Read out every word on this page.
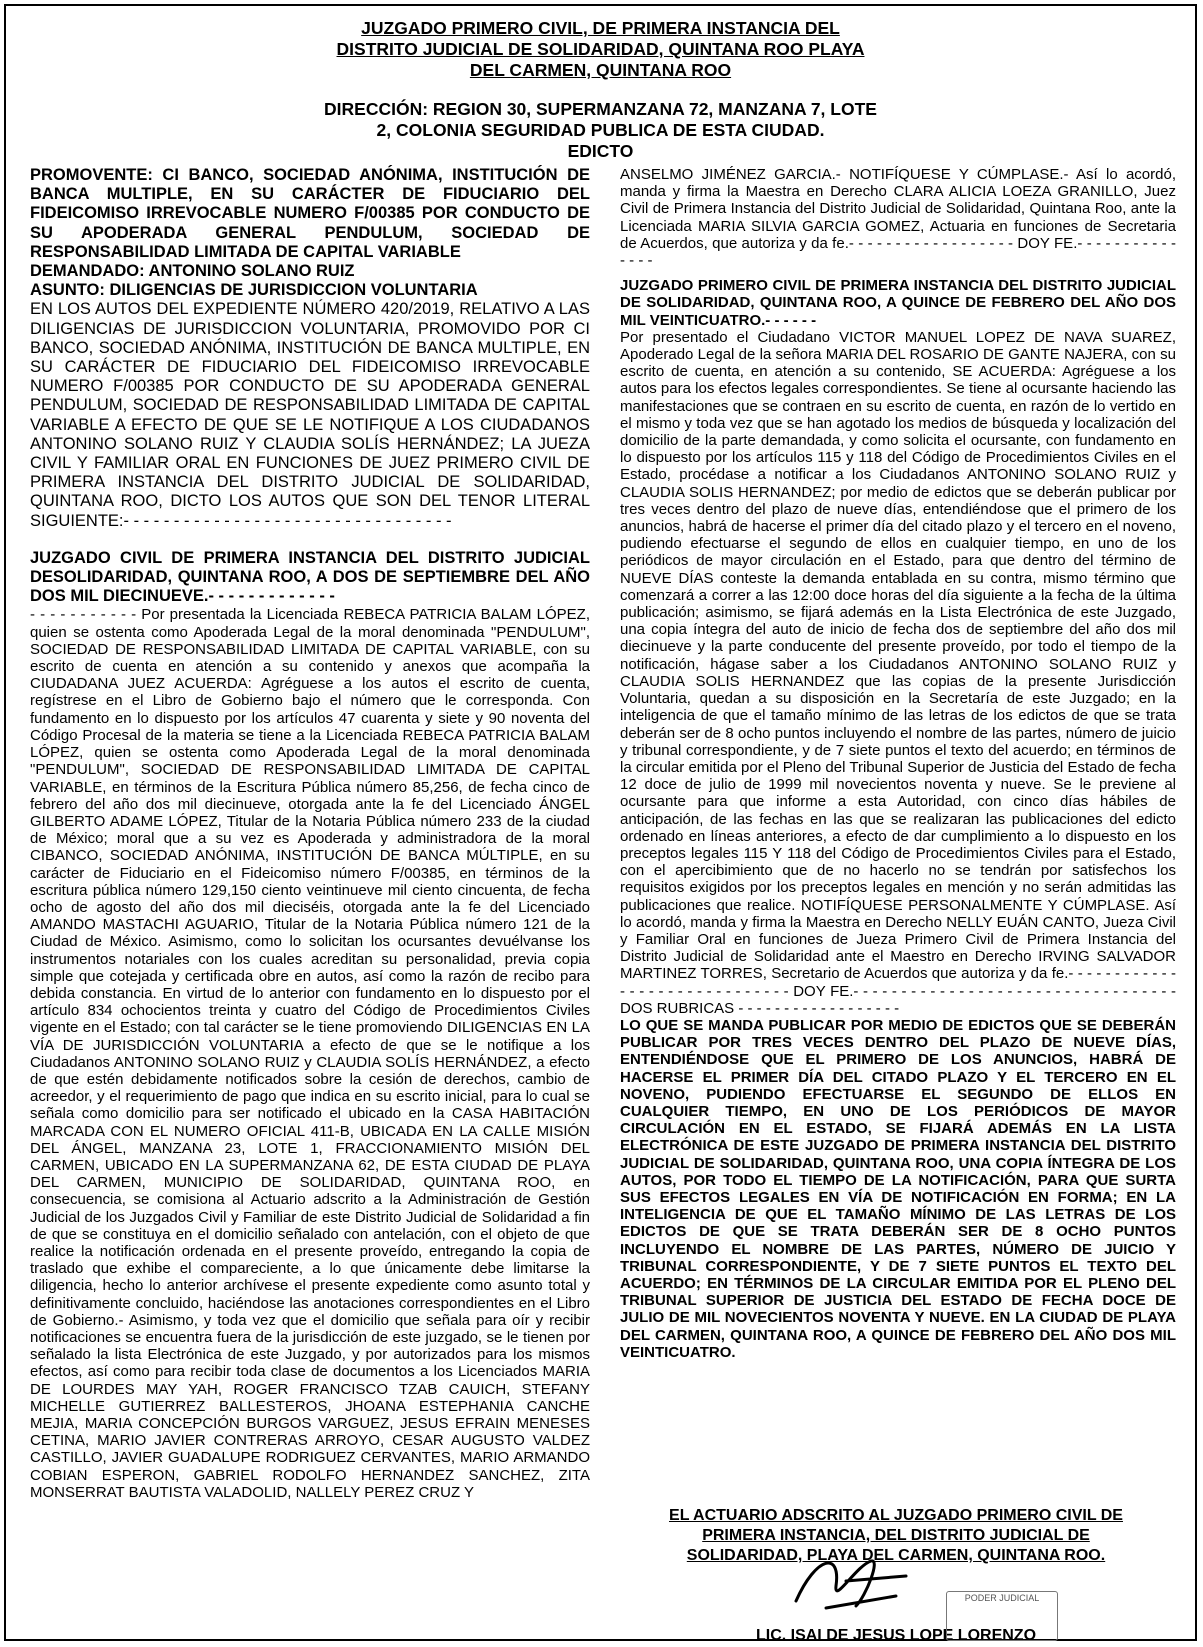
JUZGADO PRIMERO CIVIL, DE PRIMERA INSTANCIA DEL
DISTRITO JUDICIAL DE SOLIDARIDAD, QUINTANA ROO PLAYA
DEL CARMEN, QUINTANA ROO
DIRECCIÓN: REGION 30, SUPERMANZANA 72, MANZANA 7, LOTE
2, COLONIA SEGURIDAD PUBLICA DE ESTA CIUDAD.
EDICTO

PROMOVENTE: CI BANCO, SOCIEDAD ANÓNIMA, INSTITUCIÓN DE BANCA MULTIPLE, EN SU CARÁCTER DE FIDUCIARIO DEL FIDEICOMISO IRREVOCABLE NUMERO F/00385 POR CONDUCTO DE SU APODERADA GENERAL PENDULUM, SOCIEDAD DE RESPONSABILIDAD LIMITADA DE CAPITAL VARIABLE

DEMANDADO: ANTONINO SOLANO RUIZ

ASUNTO: DILIGENCIAS DE JURISDICCION VOLUNTARIA

EN LOS AUTOS DEL EXPEDIENTE NÚMERO 420/2019, RELATIVO A LAS DILIGENCIAS DE JURISDICCION VOLUNTARIA, PROMOVIDO POR CI BANCO, SOCIEDAD ANÓNIMA, INSTITUCIÓN DE BANCA MULTIPLE, EN SU CARÁCTER DE FIDUCIARIO DEL FIDEICOMISO IRREVOCABLE NUMERO F/00385 POR CONDUCTO DE SU APODERADA GENERAL PENDULUM, SOCIEDAD DE RESPONSABILIDAD LIMITADA DE CAPITAL VARIABLE A EFECTO DE QUE SE LE NOTIFIQUE A LOS CIUDADANOS ANTONINO SOLANO RUIZ Y CLAUDIA SOLÍS HERNÁNDEZ; LA JUEZA CIVIL Y FAMILIAR ORAL EN FUNCIONES DE JUEZ PRIMERO CIVIL DE PRIMERA INSTANCIA DEL DISTRITO JUDICIAL DE SOLIDARIDAD, QUINTANA ROO, DICTO LOS AUTOS QUE SON DEL TENOR LITERAL SIGUIENTE:- - - - - - - - - - - - - - - - - - - - - - - - - - - - - - - - -

JUZGADO CIVIL DE PRIMERA INSTANCIA DEL DISTRITO JUDICIAL DESOLIDARIDAD, QUINTANA ROO, A DOS DE SEPTIEMBRE DEL AÑO DOS MIL DIECINUEVE.- - - - - - - - - - - - -

- - - - - - - - - - - Por presentada la Licenciada REBECA PATRICIA BALAM LÓPEZ, quien se ostenta como Apoderada Legal de la moral denominada "PENDULUM", SOCIEDAD DE RESPONSABILIDAD LIMITADA DE CAPITAL VARIABLE, con su escrito de cuenta en atención a su contenido y anexos que acompaña la CIUDADANA JUEZ ACUERDA: Agréguese a los autos el escrito de cuenta, regístrese en el Libro de Gobierno bajo el número que le corresponda. Con fundamento en lo dispuesto por los artículos 47 cuarenta y siete y 90 noventa del Código Procesal de la materia se tiene a la Licenciada REBECA PATRICIA BALAM LÓPEZ, quien se ostenta como Apoderada Legal de la moral denominada "PENDULUM", SOCIEDAD DE RESPONSABILIDAD LIMITADA DE CAPITAL VARIABLE, en términos de la Escritura Pública número 85,256, de fecha cinco de febrero del año dos mil diecinueve, otorgada ante la fe del Licenciado ÁNGEL GILBERTO ADAME LÓPEZ, Titular de la Notaria Pública número 233 de la ciudad de México; moral que a su vez es Apoderada y administradora de la moral CIBANCO, SOCIEDAD ANÓNIMA, INSTITUCIÓN DE BANCA MÚLTIPLE, en su carácter de Fiduciario en el Fideicomiso número F/00385, en términos de la escritura pública número 129,150 ciento veintinueve mil ciento cincuenta, de fecha ocho de agosto del año dos mil dieciséis, otorgada ante la fe del Licenciado AMANDO MASTACHI AGUARIO, Titular de la Notaria Pública número 121 de la Ciudad de México. Asimismo, como lo solicitan los ocursantes devuélvanse los instrumentos notariales con los cuales acreditan su personalidad, previa copia simple que cotejada y certificada obre en autos, así como la razón de recibo para debida constancia. En virtud de lo anterior con fundamento en lo dispuesto por el artículo 834 ochocientos treinta y cuatro del Código de Procedimientos Civiles vigente en el Estado; con tal carácter se le tiene promoviendo DILIGENCIAS EN LA VÍA DE JURISDICCIÓN VOLUNTARIA a efecto de que se le notifique a los Ciudadanos ANTONINO SOLANO RUIZ y CLAUDIA SOLÍS HERNÁNDEZ, a efecto de que estén debidamente notificados sobre la cesión de derechos, cambio de acreedor, y el requerimiento de pago que indica en su escrito inicial, para lo cual se señala como domicilio para ser notificado el ubicado en la CASA HABITACIÓN MARCADA CON EL NUMERO OFICIAL 411-B, UBICADA EN LA CALLE MISIÓN DEL ÁNGEL, MANZANA 23, LOTE 1, FRACCIONAMIENTO MISIÓN DEL CARMEN, UBICADO EN LA SUPERMANZANA 62, DE ESTA CIUDAD DE PLAYA DEL CARMEN, MUNICIPIO DE SOLIDARIDAD, QUINTANA ROO, en consecuencia, se comisiona al Actuario adscrito a la Administración de Gestión Judicial de los Juzgados Civil y Familiar de este Distrito Judicial de Solidaridad a fin de que se constituya en el domicilio señalado con antelación, con el objeto de que realice la notificación ordenada en el presente proveído, entregando la copia de traslado que exhibe el compareciente, a lo que únicamente debe limitarse la diligencia, hecho lo anterior archívese el presente expediente como asunto total y definitivamente concluido, haciéndose las anotaciones correspondientes en el Libro de Gobierno.- Asimismo, y toda vez que el domicilio que señala para oír y recibir notificaciones se encuentra fuera de la jurisdicción de este juzgado, se le tienen por señalado la lista Electrónica de este Juzgado, y por autorizados para los mismos efectos, así como para recibir toda clase de documentos a los Licenciados MARIA DE LOURDES MAY YAH, ROGER FRANCISCO TZAB CAUICH, STEFANY MICHELLE GUTIERREZ BALLESTEROS, JHOANA ESTEPHANIA CANCHE MEJIA, MARIA CONCEPCIÓN BURGOS VARGUEZ, JESUS EFRAIN MENESES CETINA, MARIO JAVIER CONTRERAS ARROYO, CESAR AUGUSTO VALDEZ CASTILLO, JAVIER GUADALUPE RODRIGUEZ CERVANTES, MARIO ARMANDO COBIAN ESPERON, GABRIEL RODOLFO HERNANDEZ SANCHEZ, ZITA MONSERRAT BAUTISTA VALADOLID, NALLELY PEREZ CRUZ Y

ANSELMO JIMÉNEZ GARCIA.- NOTIFÍQUESE Y CÚMPLASE.- Así lo acordó, manda y firma la Maestra en Derecho CLARA ALICIA LOEZA GRANILLO, Juez Civil de Primera Instancia del Distrito Judicial de Solidaridad, Quintana Roo, ante la Licenciada MARIA SILVIA GARCIA GOMEZ, Actuaria en funciones de Secretaria de Acuerdos, que autoriza y da fe.- - - - - - - - - - - - - - - - - - DOY FE.- - - - - - - - - - - - - - -

JUZGADO PRIMERO CIVIL DE PRIMERA INSTANCIA DEL DISTRITO JUDICIAL DE SOLIDARIDAD, QUINTANA ROO, A QUINCE DE FEBRERO DEL AÑO DOS MIL VEINTICUATRO.- - - - - -

Por presentado el Ciudadano VICTOR MANUEL LOPEZ DE NAVA SUAREZ, Apoderado Legal de la señora MARIA DEL ROSARIO DE GANTE NAJERA, con su escrito de cuenta, en atención a su contenido, SE ACUERDA: Agréguese a los autos para los efectos legales correspondientes. Se tiene al ocursante haciendo las manifestaciones que se contraen en su escrito de cuenta, en razón de lo vertido en el mismo y toda vez que se han agotado los medios de búsqueda y localización del domicilio de la parte demandada, y como solicita el ocursante, con fundamento en lo dispuesto por los artículos 115 y 118 del Código de Procedimientos Civiles en el Estado, procédase a notificar a los Ciudadanos ANTONINO SOLANO RUIZ y CLAUDIA SOLIS HERNANDEZ; por medio de edictos que se deberán publicar por tres veces dentro del plazo de nueve días, entendiéndose que el primero de los anuncios, habrá de hacerse el primer día del citado plazo y el tercero en el noveno, pudiendo efectuarse el segundo de ellos en cualquier tiempo, en uno de los periódicos de mayor circulación en el Estado, para que dentro del término de NUEVE DÍAS conteste la demanda entablada en su contra, mismo término que comenzará a correr a las 12:00 doce horas del día siguiente a la fecha de la última publicación; asimismo, se fijará además en la Lista Electrónica de este Juzgado, una copia íntegra del auto de inicio de fecha dos de septiembre del año dos mil diecinueve y la parte conducente del presente proveído, por todo el tiempo de la notificación, hágase saber a los Ciudadanos ANTONINO SOLANO RUIZ y CLAUDIA SOLIS HERNANDEZ que las copias de la presente Jurisdicción Voluntaria, quedan a su disposición en la Secretaría de este Juzgado; en la inteligencia de que el tamaño mínimo de las letras de los edictos de que se trata deberán ser de 8 ocho puntos incluyendo el nombre de las partes, número de juicio y tribunal correspondiente, y de 7 siete puntos el texto del acuerdo; en términos de la circular emitida por el Pleno del Tribunal Superior de Justicia del Estado de fecha 12 doce de julio de 1999 mil novecientos noventa y nueve. Se le previene al ocursante para que informe a esta Autoridad, con cinco días hábiles de anticipación, de las fechas en las que se realizaran las publicaciones del edicto ordenado en líneas anteriores, a efecto de dar cumplimiento a lo dispuesto en los preceptos legales 115 Y 118 del Código de Procedimientos Civiles para el Estado, con el apercibimiento que de no hacerlo no se tendrán por satisfechos los requisitos exigidos por los preceptos legales en mención y no serán admitidas las publicaciones que realice. NOTIFÍQUESE PERSONALMENTE Y CÚMPLASE. Así lo acordó, manda y firma la Maestra en Derecho NELLY EUÁN CANTO, Jueza Civil y Familiar Oral en funciones de Jueza Primero Civil de Primera Instancia del Distrito Judicial de Solidaridad ante el Maestro en Derecho IRVING SALVADOR MARTINEZ TORRES, Secretario de Acuerdos que autoriza y da fe.- - - - - - - - - - - - - - - - - - - - - - - - - - - - - - DOY FE.- - - - - - - - - - - - - - - - - - - - - - - - - - - - - - - - - - DOS RUBRICAS - - - - - - - - - - - - - - - - - -

LO QUE SE MANDA PUBLICAR POR MEDIO DE EDICTOS QUE SE DEBERÁN PUBLICAR POR TRES VECES DENTRO DEL PLAZO DE NUEVE DÍAS, ENTENDIÉNDOSE QUE EL PRIMERO DE LOS ANUNCIOS, HABRÁ DE HACERSE EL PRIMER DÍA DEL CITADO PLAZO Y EL TERCERO EN EL NOVENO, PUDIENDO EFECTUARSE EL SEGUNDO DE ELLOS EN CUALQUIER TIEMPO, EN UNO DE LOS PERIÓDICOS DE MAYOR CIRCULACIÓN EN EL ESTADO, SE FIJARÁ ADEMÁS EN LA LISTA ELECTRÓNICA DE ESTE JUZGADO DE PRIMERA INSTANCIA DEL DISTRITO JUDICIAL DE SOLIDARIDAD, QUINTANA ROO, UNA COPIA ÍNTEGRA DE LOS AUTOS, POR TODO EL TIEMPO DE LA NOTIFICACIÓN, PARA QUE SURTA SUS EFECTOS LEGALES EN VÍA DE NOTIFICACIÓN EN FORMA; EN LA INTELIGENCIA DE QUE EL TAMAÑO MÍNIMO DE LAS LETRAS DE LOS EDICTOS DE QUE SE TRATA DEBERÁN SER DE 8 OCHO PUNTOS INCLUYENDO EL NOMBRE DE LAS PARTES, NÚMERO DE JUICIO Y TRIBUNAL CORRESPONDIENTE, Y DE 7 SIETE PUNTOS EL TEXTO DEL ACUERDO; EN TÉRMINOS DE LA CIRCULAR EMITIDA POR EL PLENO DEL TRIBUNAL SUPERIOR DE JUSTICIA DEL ESTADO DE FECHA DOCE DE JULIO DE MIL NOVECIENTOS NOVENTA Y NUEVE. EN LA CIUDAD DE PLAYA DEL CARMEN, QUINTANA ROO, A QUINCE DE FEBRERO DEL AÑO DOS MIL VEINTICUATRO.

EL ACTUARIO ADSCRITO AL JUZGADO PRIMERO CIVIL DE
PRIMERA INSTANCIA, DEL DISTRITO JUDICIAL DE
SOLIDARIDAD, PLAYA DEL CARMEN, QUINTANA ROO.
LIC. ISAI DE JESUS LOPE LORENZO
PODER JUDICIAL
